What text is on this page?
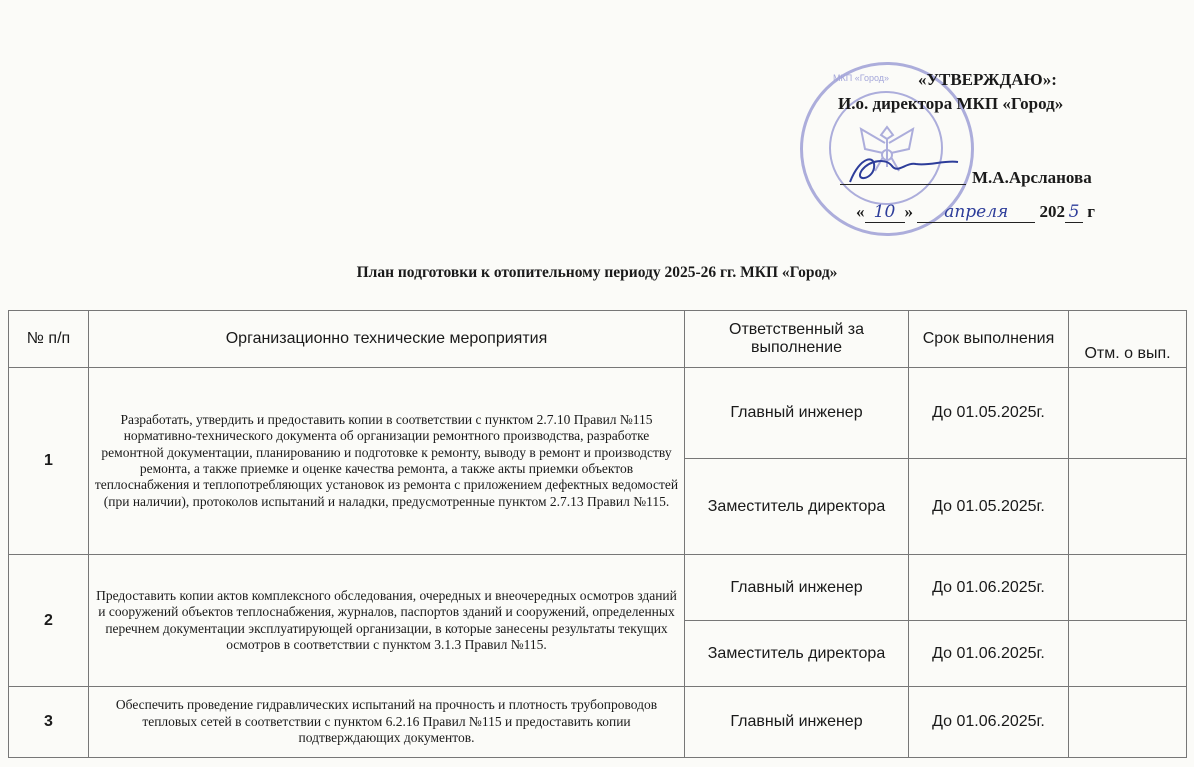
МКП «Город» «УТВЕРЖДАЮ»:
И.о. директора МКП «Город»
М.А.Арсланова
« 10 » апреля 202 5 г
План подготовки к отопительному периоду 2025-26 гг. МКП «Город»
№ п/п	Организационно технические мероприятия	Ответственный за выполнение	Срок выполнения	Отм. о вып.
1	Разработать, утвердить и предоставить копии в соответствии с пунктом 2.7.10 Правил №115 нормативно-технического документа об организации ремонтного производства, разработке ремонтной документации, планированию и подготовке к ремонту, выводу в ремонт и производству ремонта, а также приемке и оценке качества ремонта, а также акты приемки объектов теплоснабжения и теплопотребляющих установок из ремонта с приложением дефектных ведомостей (при наличии), протоколов испытаний и наладки, предусмотренные пунктом 2.7.13 Правил №115.	Главный инженер	До 01.05.2025г.	
		Заместитель директора	До 01.05.2025г.	
2	Предоставить копии актов комплексного обследования, очередных и внеочередных осмотров зданий и сооружений объектов теплоснабжения, журналов, паспортов зданий и сооружений, определенных перечнем документации эксплуатирующей организации, в которые занесены результаты текущих осмотров в соответствии с пунктом 3.1.3 Правил №115.	Главный инженер	До 01.06.2025г.	
		Заместитель директора	До 01.06.2025г.	
3	Обеспечить проведение гидравлических испытаний на прочность и плотность трубопроводов тепловых сетей в соответствии с пунктом 6.2.16 Правил №115 и предоставить копии подтверждающих документов.	Главный инженер	До 01.06.2025г.	
